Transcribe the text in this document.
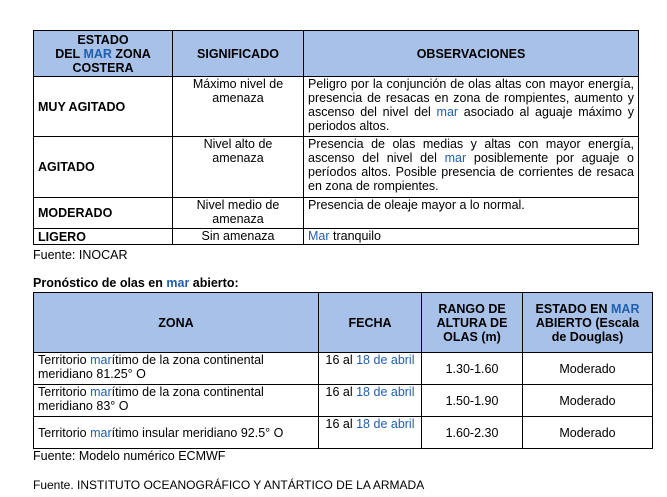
ESTADO
DEL MAR ZONA
COSTERA	SIGNIFICADO	OBSERVACIONES
MUY AGITADO	Máximo nivel de amenaza	Peligro por la conjunción de olas altas con mayor energía, presencia de resacas en zona de rompientes, aumento y ascenso del nivel del mar asociado al aguaje máximo y periodos altos.
AGITADO	Nivel alto de amenaza	Presencia de olas medias y altas con mayor energía, ascenso del nivel del mar posiblemente por aguaje o períodos altos. Posible presencia de corrientes de resaca en zona de rompientes.
MODERADO	Nivel medio de amenaza	Presencia de oleaje mayor a lo normal.
LIGERO	Sin amenaza	Mar tranquilo
Fuente: INOCAR
Pronóstico de olas en mar abierto:
ZONA	FECHA	RANGO DE ALTURA DE OLAS (m)	ESTADO EN MAR ABIERTO (Escala de Douglas)
Territorio marítimo de la zona continental meridiano 81.25° O	16 al 18 de abril	1.30-1.60	Moderado
Territorio marítimo de la zona continental meridiano 83° O	16 al 18 de abril	1.50-1.90	Moderado
Territorio marítimo insular meridiano 92.5° O	16 al 18 de abril	1.60-2.30	Moderado
Fuente: Modelo numérico ECMWF
Fuente. INSTITUTO OCEANOGRÁFICO Y ANTÁRTICO DE LA ARMADA
